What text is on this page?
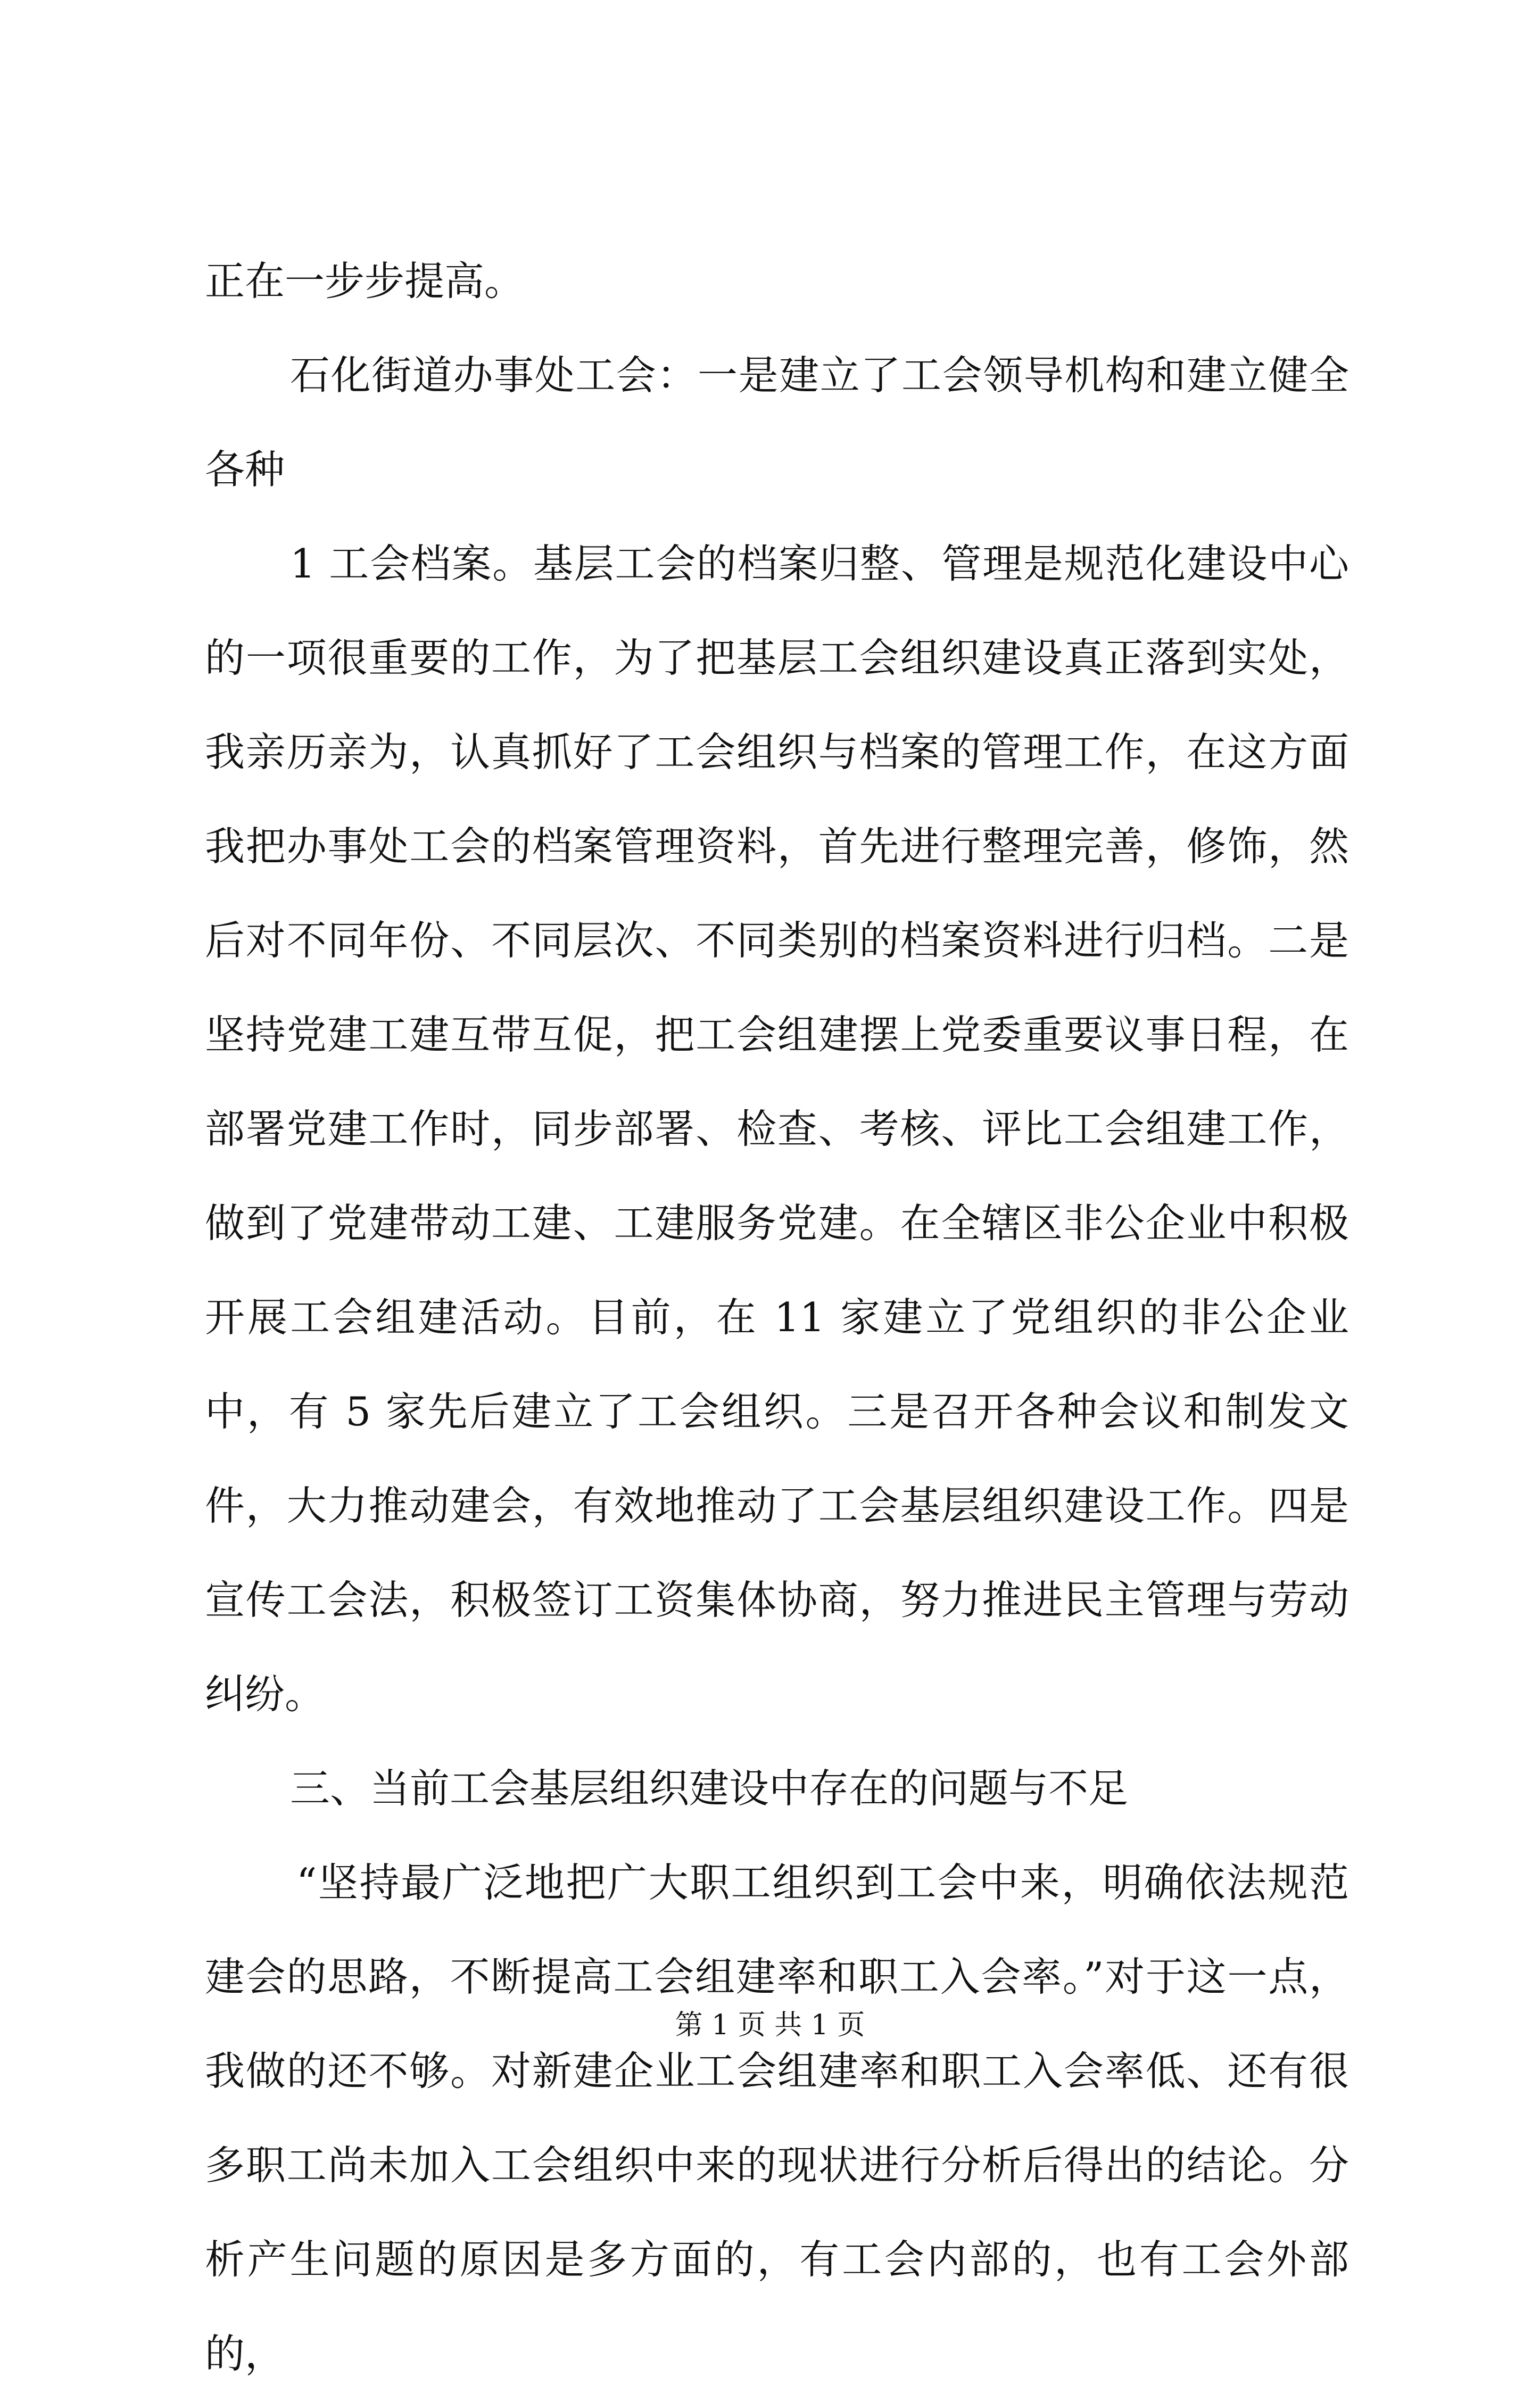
正在一步步提高。

石化街道办事处工会：一是建立了工会领导机构和建立健全各种

1 工会档案。基层工会的档案归整、管理是规范化建设中心的一项很重要的工作，为了把基层工会组织建设真正落到实处，我亲历亲为，认真抓好了工会组织与档案的管理工作，在这方面我把办事处工会的档案管理资料，首先进行整理完善，修饰，然后对不同年份、不同层次、不同类别的档案资料进行归档。二是坚持党建工建互带互促，把工会组建摆上党委重要议事日程，在部署党建工作时，同步部署、检查、考核、评比工会组建工作，做到了党建带动工建、工建服务党建。在全辖区非公企业中积极开展工会组建活动。目前，在 11 家建立了党组织的非公企业中，有 5 家先后建立了工会组织。三是召开各种会议和制发文件，大力推动建会，有效地推动了工会基层组织建设工作。四是宣传工会法，积极签订工资集体协商，努力推进民主管理与劳动纠纷。

三、当前工会基层组织建设中存在的问题与不足

“坚持最广泛地把广大职工组织到工会中来，明确依法规范建会的思路，不断提高工会组建率和职工入会率。”对于这一点，我做的还不够。对新建企业工会组建率和职工入会率低、还有很多职工尚未加入工会组织中来的现状进行分析后得出的结论。分析产生问题的原因是多方面的，有工会内部的，也有工会外部的，

第 1 页 共 1 页
